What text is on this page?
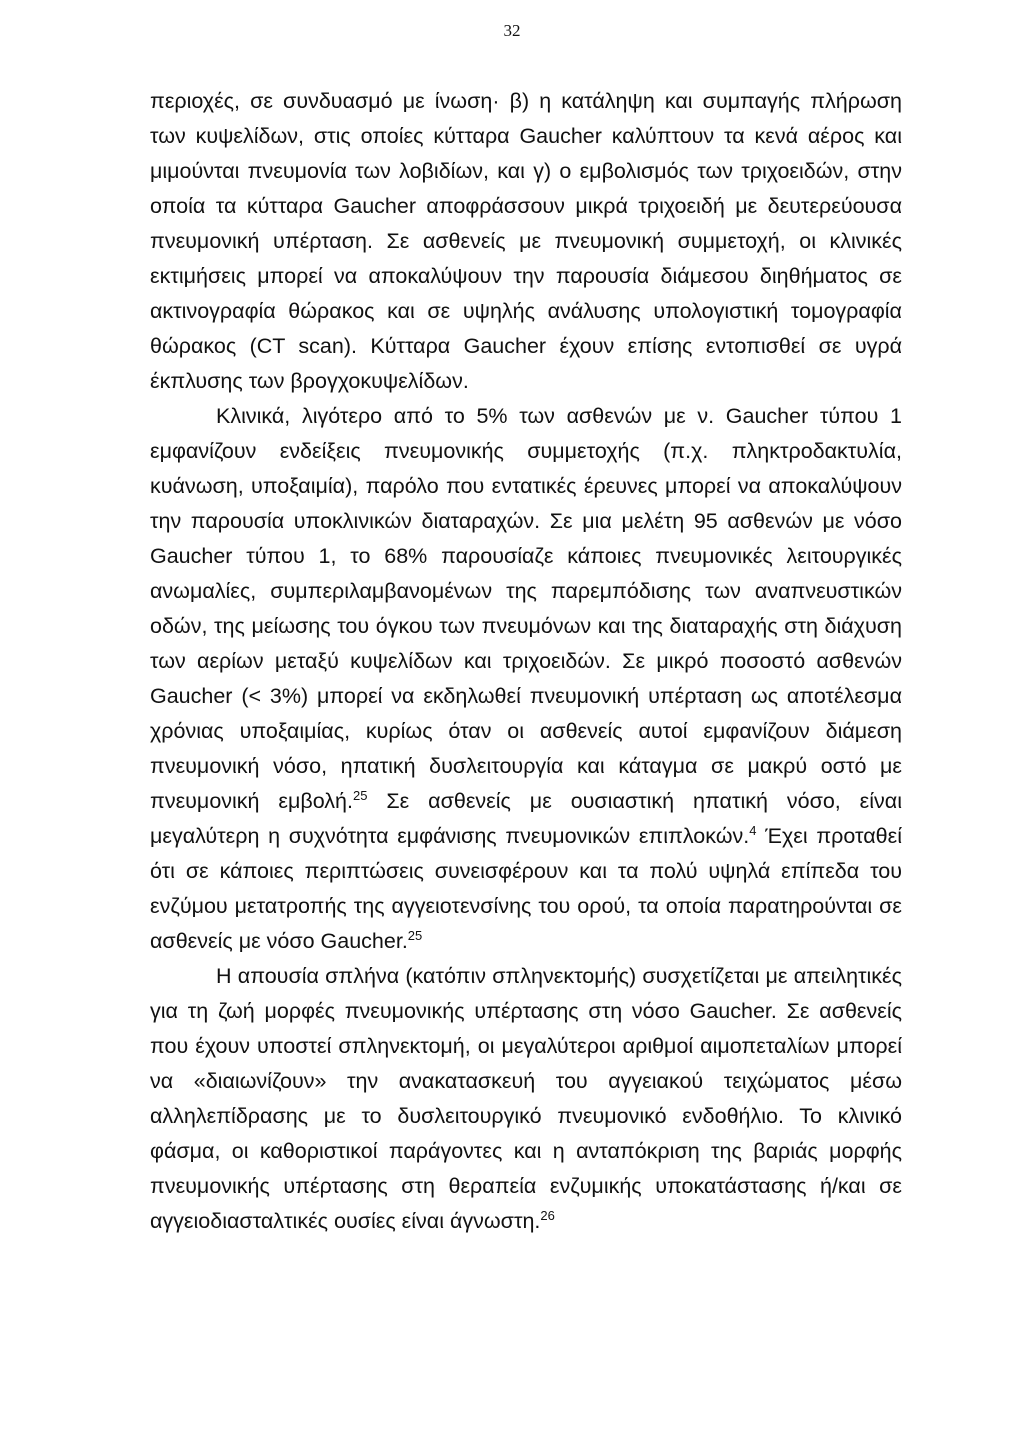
32

περιοχές, σε συνδυασμό με ίνωση· β) η κατάληψη και συμπαγής πλήρωση των κυψελίδων, στις οποίες κύτταρα Gaucher καλύπτουν τα κενά αέρος και μιμούνται πνευμονία των λοβιδίων, και γ) ο εμβολισμός των τριχοειδών, στην οποία τα κύτταρα Gaucher αποφράσσουν μικρά τριχοειδή με δευτερεύουσα πνευμονική υπέρταση. Σε ασθενείς με πνευμονική συμμετοχή, οι κλινικές εκτιμήσεις μπορεί να αποκαλύψουν την παρουσία διάμεσου διηθήματος σε ακτινογραφία θώρακος και σε υψηλής ανάλυσης υπολογιστική τομογραφία θώρακος (CT scan). Κύτταρα Gaucher έχουν επίσης εντοπισθεί σε υγρά έκπλυσης των βρογχοκυψελίδων.

Κλινικά, λιγότερο από το 5% των ασθενών με ν. Gaucher τύπου 1 εμφανίζουν ενδείξεις πνευμονικής συμμετοχής (π.χ. πληκτροδακτυλία, κυάνωση, υποξαιμία), παρόλο που εντατικές έρευνες μπορεί να αποκαλύψουν την παρουσία υποκλινικών διαταραχών. Σε μια μελέτη 95 ασθενών με νόσο Gaucher τύπου 1, το 68% παρουσίαζε κάποιες πνευμονικές λειτουργικές ανωμαλίες, συμπεριλαμβανομένων της παρεμπόδισης των αναπνευστικών οδών, της μείωσης του όγκου των πνευμόνων και της διαταραχής στη διάχυση των αερίων μεταξύ κυψελίδων και τριχοειδών. Σε μικρό ποσοστό ασθενών Gaucher (< 3%) μπορεί να εκδηλωθεί πνευμονική υπέρταση ως αποτέλεσμα χρόνιας υποξαιμίας, κυρίως όταν οι ασθενείς αυτοί εμφανίζουν διάμεση πνευμονική νόσο, ηπατική δυσλειτουργία και κάταγμα σε μακρύ οστό με πνευμονική εμβολή.$^{25}$ Σε ασθενείς με ουσιαστική ηπατική νόσο, είναι μεγαλύτερη η συχνότητα εμφάνισης πνευμονικών επιπλοκών.$^4$ Έχει προταθεί ότι σε κάποιες περιπτώσεις συνεισφέρουν και τα πολύ υψηλά επίπεδα του ενζύμου μετατροπής της αγγειοτενσίνης του ορού, τα οποία παρατηρούνται σε ασθενείς με νόσο Gaucher.$^{25}$

Η απουσία σπλήνα (κατόπιν σπληνεκτομής) συσχετίζεται με απειλητικές για τη ζωή μορφές πνευμονικής υπέρτασης στη νόσο Gaucher. Σε ασθενείς που έχουν υποστεί σπληνεκτομή, οι μεγαλύτεροι αριθμοί αιμοπεταλίων μπορεί να «διαιωνίζουν» την ανακατασκευή του αγγειακού τειχώματος μέσω αλληλεπίδρασης με το δυσλειτουργικό πνευμονικό ενδοθήλιο. Το κλινικό φάσμα, οι καθοριστικοί παράγοντες και η ανταπόκριση της βαριάς μορφής πνευμονικής υπέρτασης στη θεραπεία ενζυμικής υποκατάστασης ή/και σε αγγειοδιασταλτικές ουσίες είναι άγνωστη.$^{26}$
